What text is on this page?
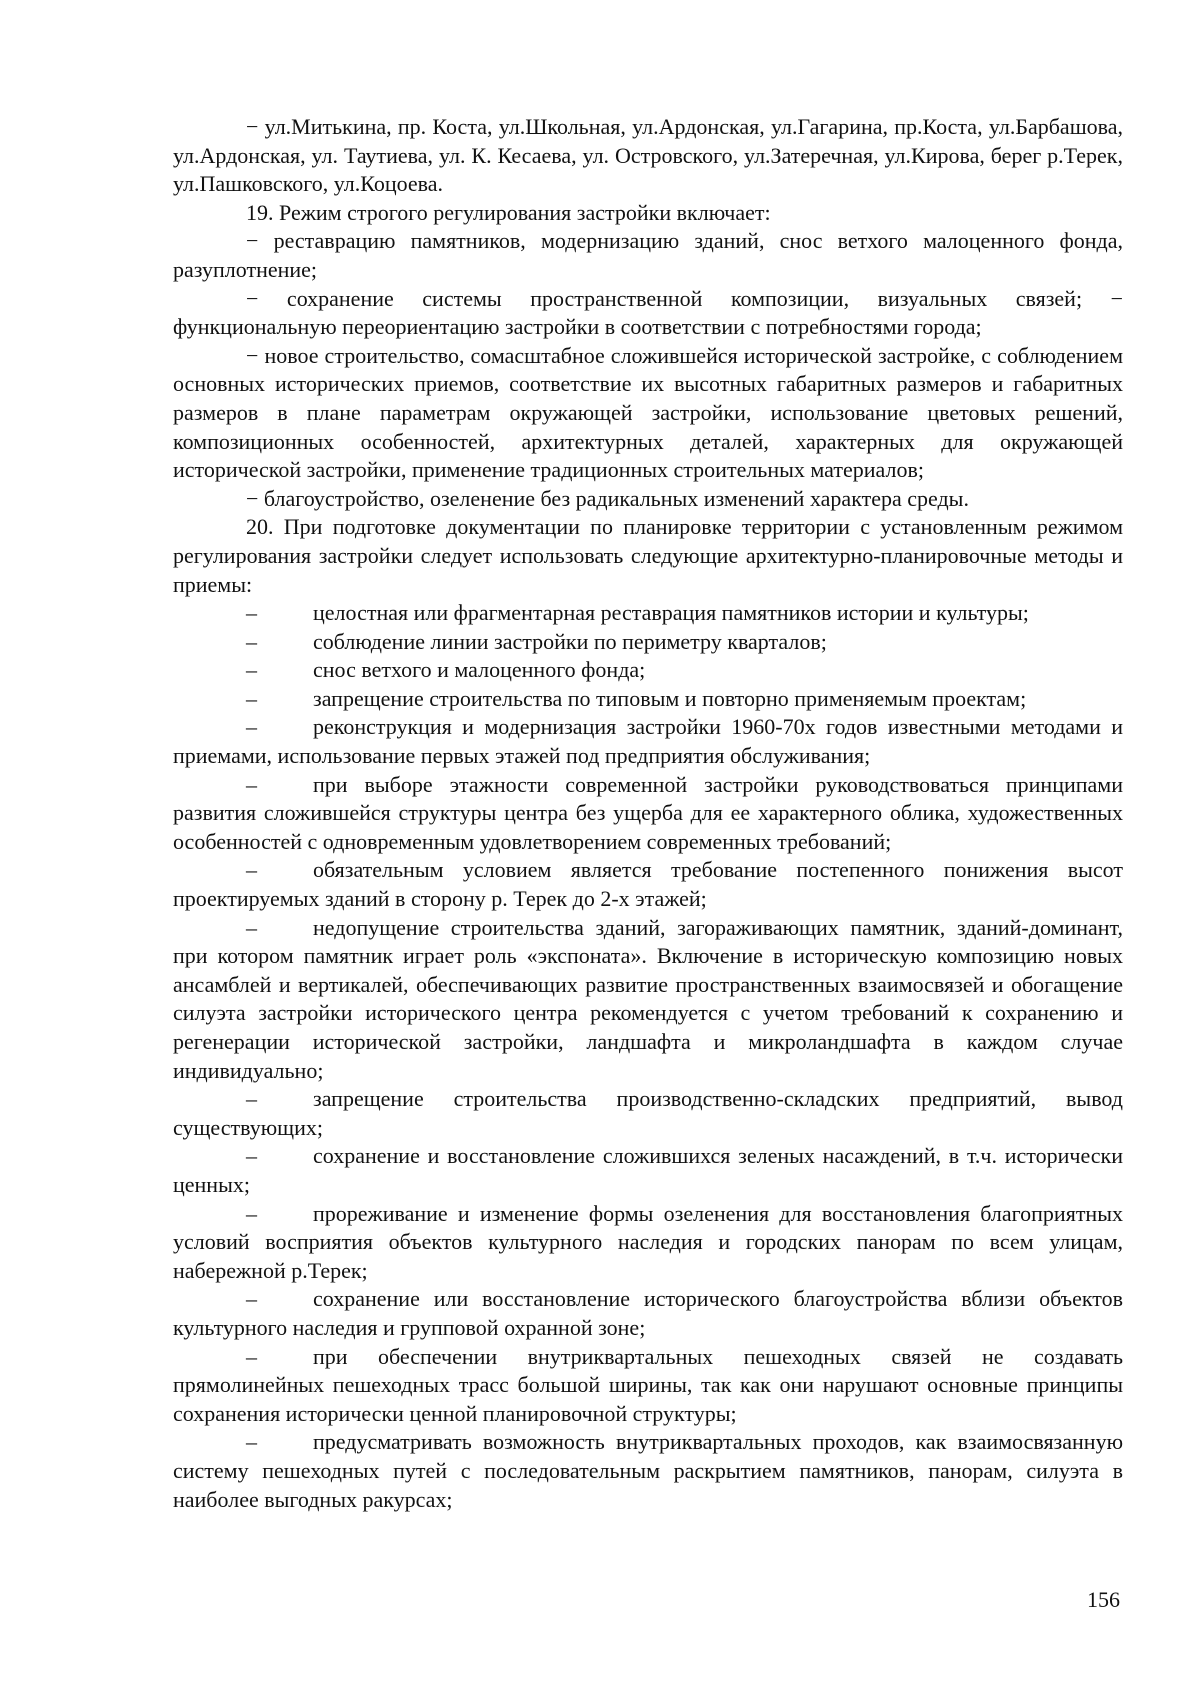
− ул.Митькина, пр. Коста, ул.Школьная, ул.Ардонская, ул.Гагарина, пр.Коста, ул.Барбашова, ул.Ардонская, ул. Таутиева, ул. К. Кесаева, ул. Островского, ул.Затеречная, ул.Кирова, берег р.Терек, ул.Пашковского, ул.Коцоева.

19. Режим строгого регулирования застройки включает:

− реставрацию памятников, модернизацию зданий, снос ветхого малоценного фонда, разуплотнение;

− сохранение системы пространственной композиции, визуальных связей; − функциональную переориентацию застройки в соответствии с потребностями города;

− новое строительство, сомасштабное сложившейся исторической застройке, с соблюдением основных исторических приемов, соответствие их высотных габаритных размеров и габаритных размеров в плане параметрам окружающей застройки, использование цветовых решений, композиционных особенностей, архитектурных деталей, характерных для окружающей исторической застройки, применение традиционных строительных материалов;

− благоустройство, озеленение без радикальных изменений характера среды.

20. При подготовке документации по планировке территории с установленным режимом регулирования застройки следует использовать следующие архитектурно-планировочные методы и приемы:

–	целостная или фрагментарная реставрация памятников истории и культуры;

–	соблюдение линии застройки по периметру кварталов;

–	снос ветхого и малоценного фонда;

–	запрещение строительства по типовым и повторно применяемым проектам;

–	реконструкция и модернизация застройки 1960-70х годов известными методами и приемами, использование первых этажей под предприятия обслуживания;

–	при выборе этажности современной застройки руководствоваться принципами развития сложившейся структуры центра без ущерба для ее характерного облика, художественных особенностей с одновременным удовлетворением современных требований;

–	обязательным условием является требование постепенного понижения высот проектируемых зданий в сторону р. Терек до 2-х этажей;

–	недопущение строительства зданий, загораживающих памятник, зданий-доминант, при котором памятник играет роль «экспоната». Включение в историческую композицию новых ансамблей и вертикалей, обеспечивающих развитие пространственных взаимосвязей и обогащение силуэта застройки исторического центра рекомендуется с учетом требований к сохранению и регенерации исторической застройки, ландшафта и микроландшафта в каждом случае индивидуально;

–	запрещение строительства производственно-складских предприятий, вывод существующих;

–	сохранение и восстановление сложившихся зеленых насаждений, в т.ч. исторически ценных;

–	прореживание и изменение формы озеленения для восстановления благоприятных условий восприятия объектов культурного наследия и городских панорам по всем улицам, набережной р.Терек;

–	сохранение или восстановление исторического благоустройства вблизи объектов культурного наследия и групповой охранной зоне;

–	при обеспечении внутриквартальных пешеходных связей не создавать прямолинейных пешеходных трасс большой ширины, так как они нарушают основные принципы сохранения исторически ценной планировочной структуры;

–	предусматривать возможность внутриквартальных проходов, как взаимосвязанную систему пешеходных путей с последовательным раскрытием памятников, панорам, силуэта в наиболее выгодных ракурсах;

156
